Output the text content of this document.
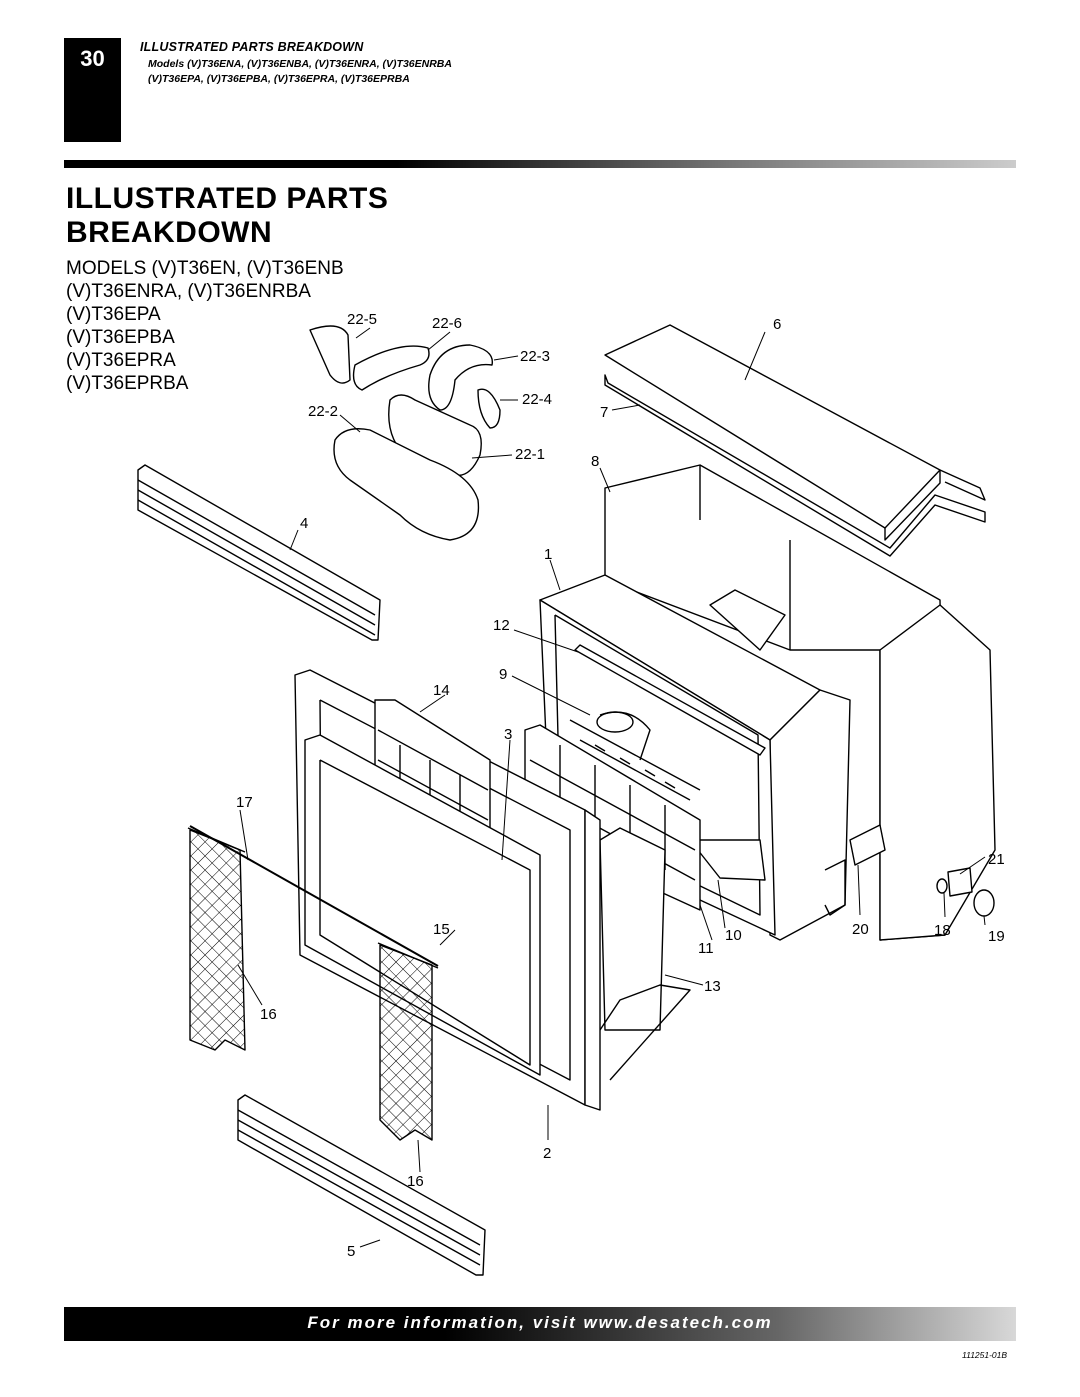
30	ILLUSTRATED PARTS BREAKDOWN
Models (V)T36ENA, (V)T36ENBA, (V)T36ENRA, (V)T36ENRBA
(V)T36EPA, (V)T36EPBA, (V)T36EPRA, (V)T36EPRBA
ILLUSTRATED PARTS
BREAKDOWN
MODELS (V)T36EN, (V)T36ENB
(V)T36ENRA, (V)T36ENRBA
(V)T36EPA
(V)T36EPBA
(V)T36EPRA
(V)T36EPRBA
22-5	22-6	6
22-3
22-4
22-2	7
22-1	8
4
1
12
9
14
3
17
21
15	20	18 19
10
11
13
16
2
16
5
For more information, visit www.desatech.com
111251-01B
